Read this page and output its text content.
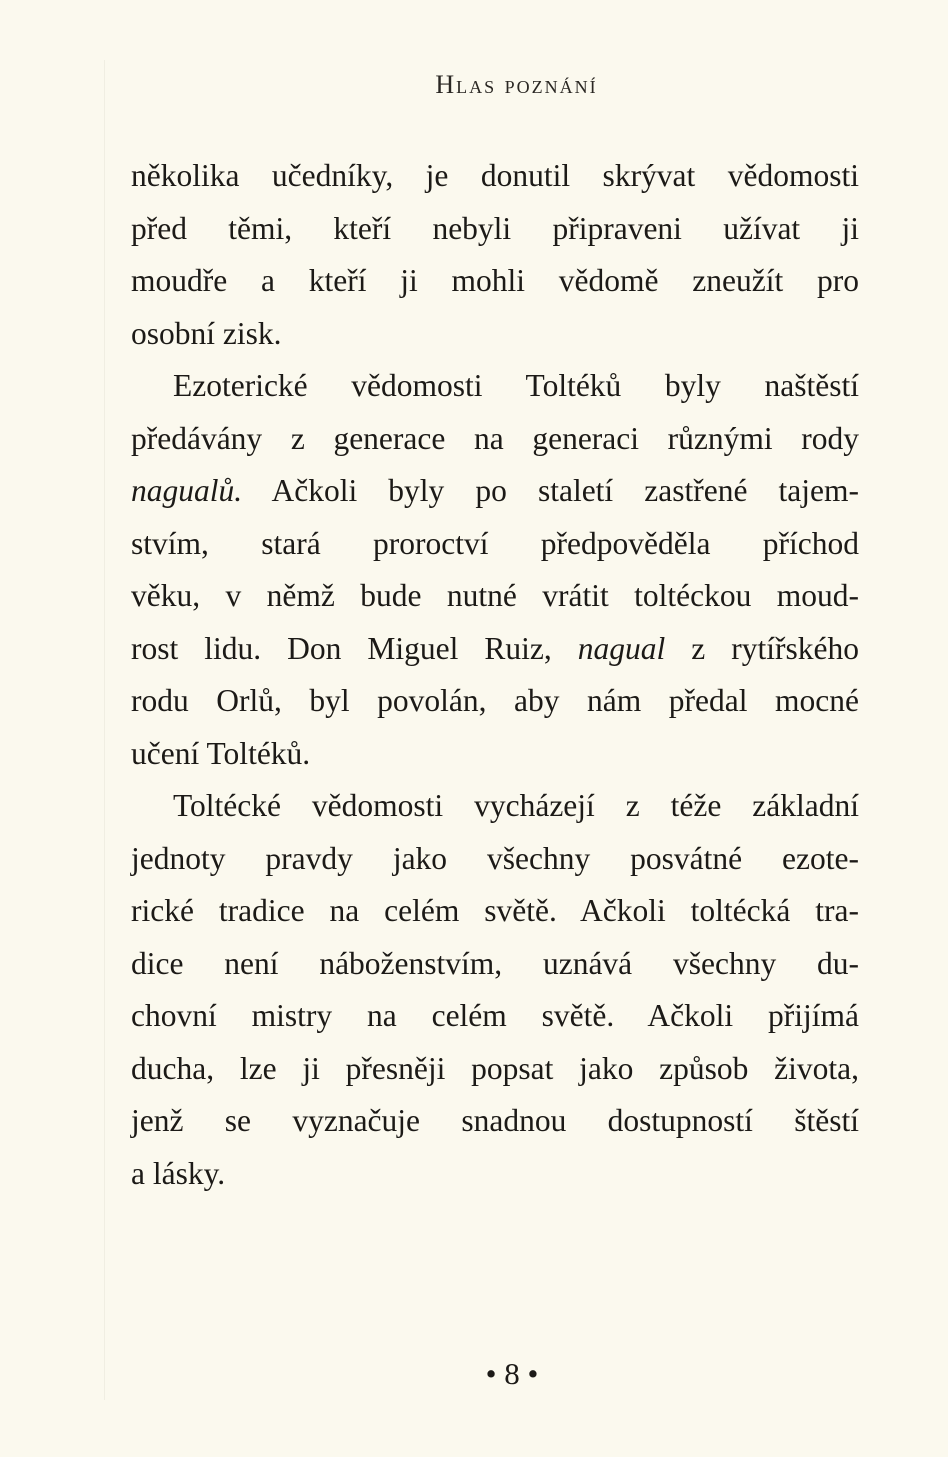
Hlas poznání
několika učedníky, je donutil skrývat vědomosti
před těmi, kteří nebyli připraveni užívat ji
moudře a kteří ji mohli vědomě zneužít pro
osobní zisk.
Ezoterické vědomosti Toltéků byly naštěstí
předávány z generace na generaci různými rody
nagualů. Ačkoli byly po staletí zastřené tajem-
stvím, stará proroctví předpověděla příchod
věku, v němž bude nutné vrátit toltéckou moud-
rost lidu. Don Miguel Ruiz, nagual z rytířského
rodu Orlů, byl povolán, aby nám předal mocné
učení Toltéků.
Toltécké vědomosti vycházejí z téže základní
jednoty pravdy jako všechny posvátné ezote-
rické tradice na celém světě. Ačkoli toltécká tra-
dice není náboženstvím, uznává všechny du-
chovní mistry na celém světě. Ačkoli přijímá
ducha, lze ji přesněji popsat jako způsob života,
jenž se vyznačuje snadnou dostupností štěstí
a lásky.
• 8 •
